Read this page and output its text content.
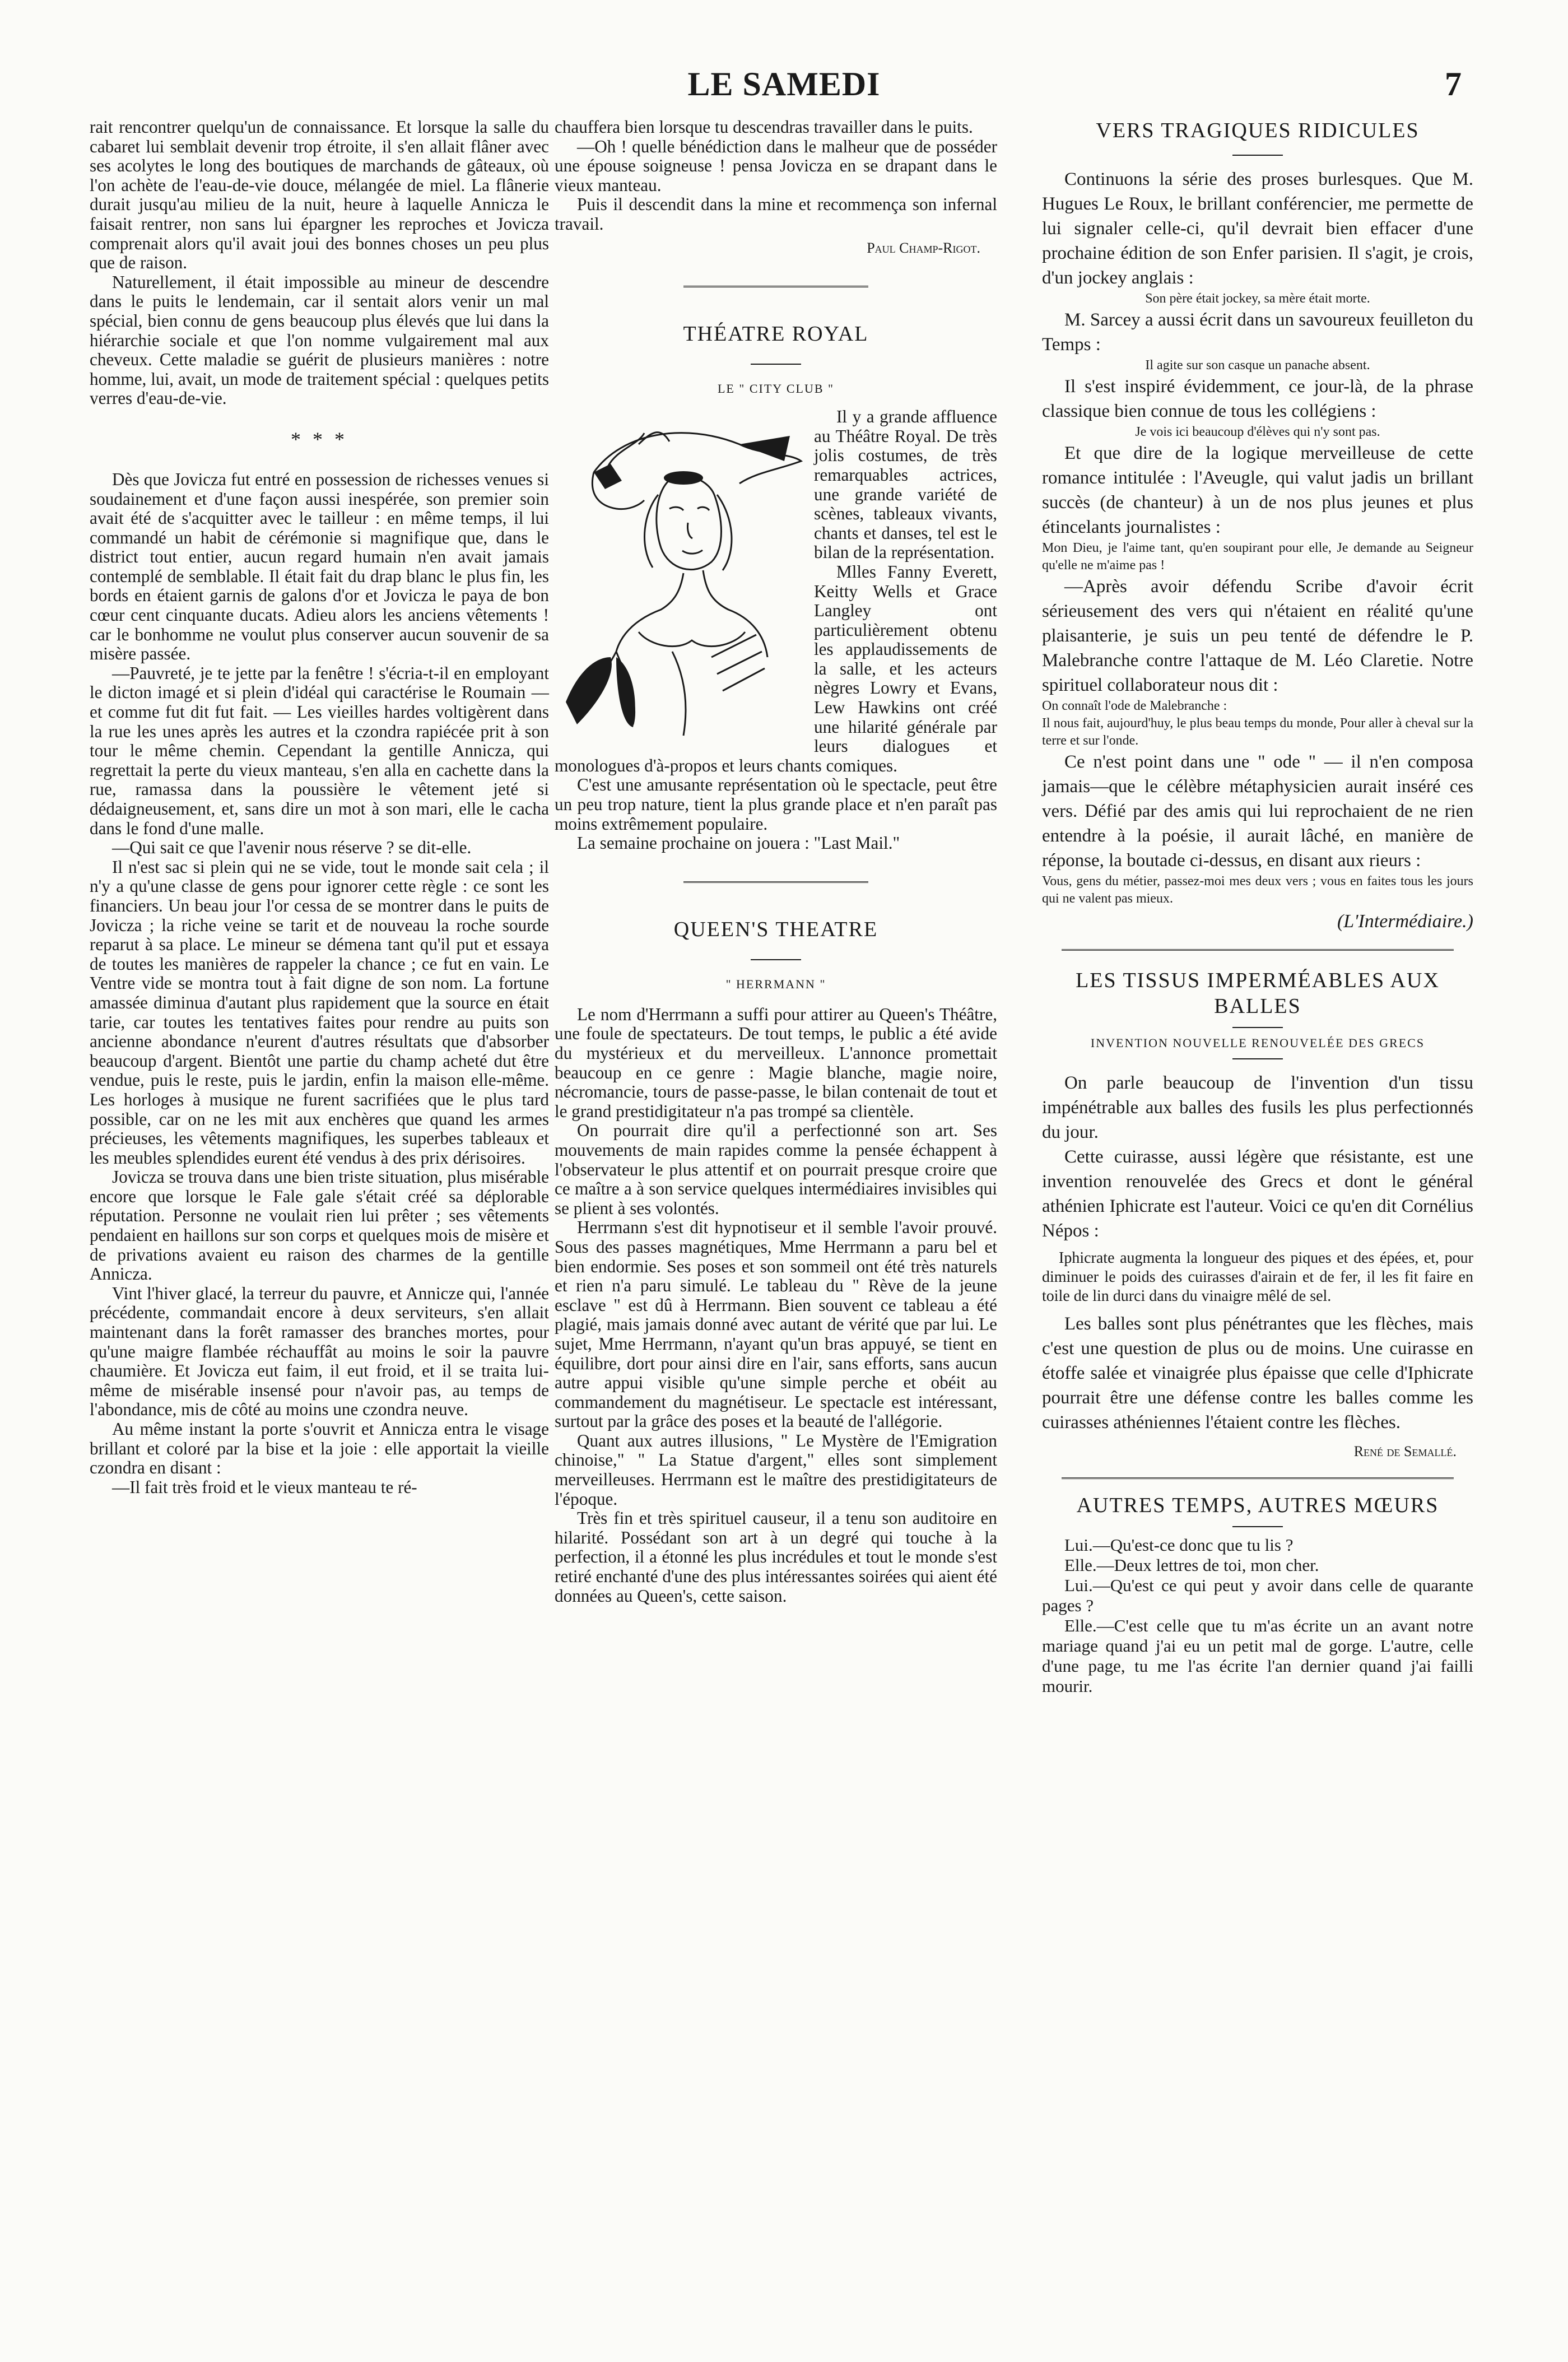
LE SAMEDI	7

rait rencontrer quelqu'un de connaissance. Et lorsque la salle du cabaret lui semblait devenir trop étroite, il s'en allait flâner avec ses acolytes le long des boutiques de marchands de gâteaux, où l'on achète de l'eau-de-vie douce, mélangée de miel. La flânerie durait jusqu'au milieu de la nuit, heure à laquelle Annicza le faisait rentrer, non sans lui épargner les reproches et Jovicza comprenait alors qu'il avait joui des bonnes choses un peu plus que de raison.

Naturellement, il était impossible au mineur de descendre dans le puits le lendemain, car il sentait alors venir un mal spécial, bien connu de gens beaucoup plus élevés que lui dans la hiérarchie sociale et que l'on nomme vulgairement mal aux cheveux. Cette maladie se guérit de plusieurs manières : notre homme, lui, avait, un mode de traitement spécial : quelques petits verres d'eau-de-vie.

* * *

Dès que Jovicza fut entré en possession de richesses venues si soudainement et d'une façon aussi inespérée, son premier soin avait été de s'acquitter avec le tailleur : en même temps, il lui commandé un habit de cérémonie si magnifique que, dans le district tout entier, aucun regard humain n'en avait jamais contemplé de semblable. Il était fait du drap blanc le plus fin, les bords en étaient garnis de galons d'or et Jovicza le paya de bon cœur cent cinquante ducats. Adieu alors les anciens vêtements ! car le bonhomme ne voulut plus conserver aucun souvenir de sa misère passée.

—Pauvreté, je te jette par la fenêtre ! s'écria-t-il en employant le dicton imagé et si plein d'idéal qui caractérise le Roumain — et comme fut dit fut fait. — Les vieilles hardes voltigèrent dans la rue les unes après les autres et la czondra rapiécée prit à son tour le même chemin. Cependant la gentille Annicza, qui regrettait la perte du vieux manteau, s'en alla en cachette dans la rue, ramassa dans la poussière le vêtement jeté si dédaigneusement, et, sans dire un mot à son mari, elle le cacha dans le fond d'une malle.

—Qui sait ce que l'avenir nous réserve ? se dit-elle.

Il n'est sac si plein qui ne se vide, tout le monde sait cela ; il n'y a qu'une classe de gens pour ignorer cette règle : ce sont les financiers. Un beau jour l'or cessa de se montrer dans le puits de Jovicza ; la riche veine se tarit et de nouveau la roche sourde reparut à sa place. Le mineur se démena tant qu'il put et essaya de toutes les manières de rappeler la chance ; ce fut en vain. Le Ventre vide se montra tout à fait digne de son nom. La fortune amassée diminua d'autant plus rapidement que la source en était tarie, car toutes les tentatives faites pour rendre au puits son ancienne abondance n'eurent d'autres résultats que d'absorber beaucoup d'argent. Bientôt une partie du champ acheté dut être vendue, puis le reste, puis le jardin, enfin la maison elle-même. Les horloges à musique ne furent sacrifiées que le plus tard possible, car on ne les mit aux enchères que quand les armes précieuses, les vêtements magnifiques, les superbes tableaux et les meubles splendides eurent été vendus à des prix dérisoires.

Jovicza se trouva dans une bien triste situation, plus misérable encore que lorsque le Fale gale s'était créé sa déplorable réputation. Personne ne voulait rien lui prêter ; ses vêtements pendaient en haillons sur son corps et quelques mois de misère et de privations avaient eu raison des charmes de la gentille Annicza.

Vint l'hiver glacé, la terreur du pauvre, et Annicze qui, l'année précédente, commandait encore à deux serviteurs, s'en allait maintenant dans la forêt ramasser des branches mortes, pour qu'une maigre flambée réchauffât au moins le soir la pauvre chaumière. Et Jovicza eut faim, il eut froid, et il se traita lui-même de misérable insensé pour n'avoir pas, au temps de l'abondance, mis de côté au moins une czondra neuve.

Au même instant la porte s'ouvrit et Annicza entra le visage brillant et coloré par la bise et la joie : elle apportait la vieille czondra en disant :

—Il fait très froid et le vieux manteau te ré-

chauffera bien lorsque tu descendras travailler dans le puits.

—Oh ! quelle bénédiction dans le malheur que de posséder une épouse soigneuse ! pensa Jovicza en se drapant dans le vieux manteau.

Puis il descendit dans la mine et recommença son infernal travail.

Paul Champ-Rigot.

THÉATRE ROYAL
LE " CITY CLUB "

Il y a grande affluence au Théâtre Royal. De très jolis costumes, de très remarquables actrices, une grande variété de scènes, tableaux vivants, chants et danses, tel est le bilan de la représentation.

Mlles Fanny Everett, Keitty Wells et Grace Langley ont particulièrement obtenu les applaudissements de la salle, et les acteurs nègres Lowry et Evans, Lew Hawkins ont créé une hilarité générale par leurs dialogues et monologues d'à-propos et leurs chants comiques.

C'est une amusante représentation où le spectacle, peut être un peu trop nature, tient la plus grande place et n'en paraît pas moins extrêmement populaire.

La semaine prochaine on jouera : "Last Mail."

QUEEN'S THEATRE
" HERRMANN "

Le nom d'Herrmann a suffi pour attirer au Queen's Théâtre, une foule de spectateurs. De tout temps, le public a été avide du mystérieux et du merveilleux. L'annonce promettait beaucoup en ce genre : Magie blanche, magie noire, nécromancie, tours de passe-passe, le bilan contenait de tout et le grand prestidigitateur n'a pas trompé sa clientèle.

On pourrait dire qu'il a perfectionné son art. Ses mouvements de main rapides comme la pensée échappent à l'observateur le plus attentif et on pourrait presque croire que ce maître a à son service quelques intermédiaires invisibles qui se plient à ses volontés.

Herrmann s'est dit hypnotiseur et il semble l'avoir prouvé. Sous des passes magnétiques, Mme Herrmann a paru bel et bien endormie. Ses poses et son sommeil ont été très naturels et rien n'a paru simulé. Le tableau du " Rève de la jeune esclave " est dû à Herrmann. Bien souvent ce tableau a été plagié, mais jamais donné avec autant de vérité que par lui. Le sujet, Mme Herrmann, n'ayant qu'un bras appuyé, se tient en équilibre, dort pour ainsi dire en l'air, sans efforts, sans aucun autre appui visible qu'une simple perche et obéit au commandement du magnétiseur. Le spectacle est intéressant, surtout par la grâce des poses et la beauté de l'allégorie.

Quant aux autres illusions, " Le Mystère de l'Emigration chinoise," " La Statue d'argent," elles sont simplement merveilleuses. Herrmann est le maître des prestidigitateurs de l'époque.

Très fin et très spirituel causeur, il a tenu son auditoire en hilarité. Possédant son art à un degré qui touche à la perfection, il a étonné les plus incrédules et tout le monde s'est retiré enchanté d'une des plus intéressantes soirées qui aient été données au Queen's, cette saison.

VERS TRAGIQUES RIDICULES

Continuons la série des proses burlesques. Que M. Hugues Le Roux, le brillant conférencier, me permette de lui signaler celle-ci, qu'il devrait bien effacer d'une prochaine édition de son Enfer parisien. Il s'agit, je crois, d'un jockey anglais :

Son père était jockey, sa mère était morte.

M. Sarcey a aussi écrit dans un savoureux feuilleton du Temps :

Il agite sur son casque un panache absent.

Il s'est inspiré évidemment, ce jour-là, de la phrase classique bien connue de tous les collégiens :

Je vois ici beaucoup d'élèves qui n'y sont pas.

Et que dire de la logique merveilleuse de cette romance intitulée : l'Aveugle, qui valut jadis un brillant succès (de chanteur) à un de nos plus jeunes et plus étincelants journalistes :

Mon Dieu, je l'aime tant, qu'en soupirant pour elle, Je demande au Seigneur qu'elle ne m'aime pas !

—Après avoir défendu Scribe d'avoir écrit sérieusement des vers qui n'étaient en réalité qu'une plaisanterie, je suis un peu tenté de défendre le P. Malebranche contre l'attaque de M. Léo Claretie. Notre spirituel collaborateur nous dit :

On connaît l'ode de Malebranche :

Il nous fait, aujourd'huy, le plus beau temps du monde, Pour aller à cheval sur la terre et sur l'onde.

Ce n'est point dans une " ode " — il n'en composa jamais—que le célèbre métaphysicien aurait inséré ces vers. Défié par des amis qui lui reprochaient de ne rien entendre à la poésie, il aurait lâché, en manière de réponse, la boutade ci-dessus, en disant aux rieurs :

Vous, gens du métier, passez-moi mes deux vers ; vous en faites tous les jours qui ne valent pas mieux.

(L'Intermédiaire.)
LES TISSUS IMPERMÉABLES AUX BALLES
INVENTION NOUVELLE RENOUVELÉE DES GRECS

On parle beaucoup de l'invention d'un tissu impénétrable aux balles des fusils les plus perfectionnés du jour.

Cette cuirasse, aussi légère que résistante, est une invention renouvelée des Grecs et dont le général athénien Iphicrate est l'auteur. Voici ce qu'en dit Cornélius Népos :

Iphicrate augmenta la longueur des piques et des épées, et, pour diminuer le poids des cuirasses d'airain et de fer, il les fit faire en toile de lin durci dans du vinaigre mêlé de sel.

Les balles sont plus pénétrantes que les flèches, mais c'est une question de plus ou de moins. Une cuirasse en étoffe salée et vinaigrée plus épaisse que celle d'Iphicrate pourrait être une défense contre les balles comme les cuirasses athéniennes l'étaient contre les flèches.

René de Semallé.

AUTRES TEMPS, AUTRES MŒURS

Lui.—Qu'est-ce donc que tu lis ?

Elle.—Deux lettres de toi, mon cher.

Lui.—Qu'est ce qui peut y avoir dans celle de quarante pages ?

Elle.—C'est celle que tu m'as écrite un an avant notre mariage quand j'ai eu un petit mal de gorge. L'autre, celle d'une page, tu me l'as écrite l'an dernier quand j'ai failli mourir.
